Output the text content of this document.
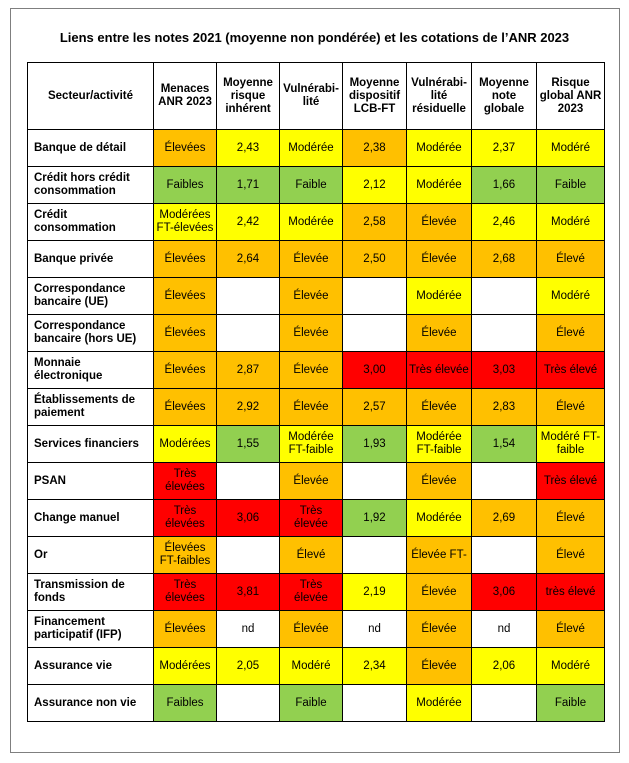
Liens entre les notes 2021 (moyenne non pondérée) et les cotations de l’ANR 2023
Secteur/activité	Menaces ANR 2023	Moyenne risque inhérent	Vulnérabi-lité	Moyenne dispositif LCB-FT	Vulnérabi-lité résiduelle	Moyenne note globale	Risque global ANR 2023
Banque de détail	Élevées	2,43	Modérée	2,38	Modérée	2,37	Modéré
Crédit hors crédit consommation	Faibles	1,71	Faible	2,12	Modérée	1,66	Faible
Crédit consommation	Modérées FT-élevées	2,42	Modérée	2,58	Élevée	2,46	Modéré
Banque privée	Élevées	2,64	Élevée	2,50	Élevée	2,68	Élevé
Correspondance bancaire (UE)	Élevées		Élevée		Modérée		Modéré
Correspondance bancaire (hors UE)	Élevées		Élevée		Élevée		Élevé
Monnaie électronique	Élevées	2,87	Élevée	3,00	Très élevée	3,03	Très élevé
Établissements de paiement	Élevées	2,92	Élevée	2,57	Élevée	2,83	Élevé
Services financiers	Modérées	1,55	Modérée FT-faible	1,93	Modérée FT-faible	1,54	Modéré FT-faible
PSAN	Très élevées		Élevée		Élevée		Très élevé
Change manuel	Très élevées	3,06	Très élevée	1,92	Modérée	2,69	Élevé
Or	Élevées FT-faibles		Élevé		Élevée FT-		Élevé
Transmission de fonds	Très élevées	3,81	Très élevée	2,19	Élevée	3,06	très élevé
Financement participatif (IFP)	Élevées	nd	Élevée	nd	Élevée	nd	Élevé
Assurance vie	Modérées	2,05	Modéré	2,34	Élevée	2,06	Modéré
Assurance non vie	Faibles		Faible		Modérée		Faible
